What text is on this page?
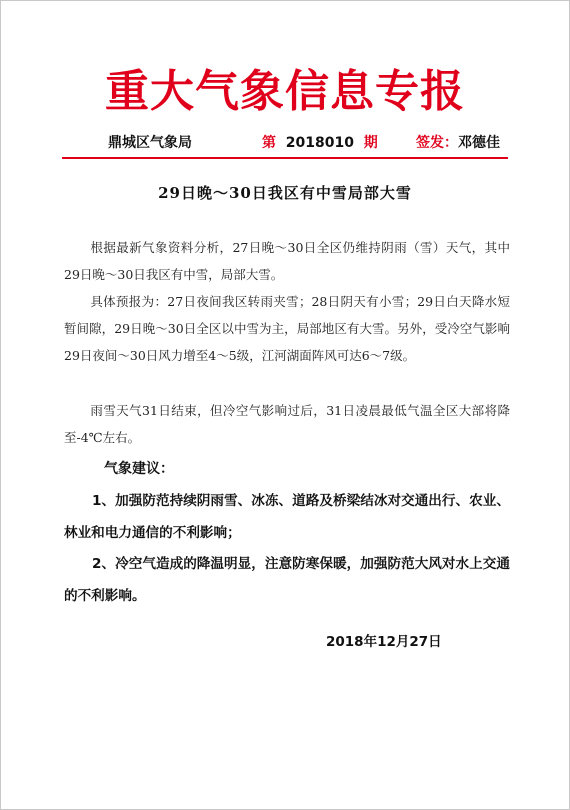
重大气象信息专报
鼎城区气象局	第 2018010 期	签发：邓德佳
29日晚～30日我区有中雪局部大雪
根据最新气象资料分析，27日晚～30日全区仍维持阴雨（雪）天气，其中29日晚～30日我区有中雪，局部大雪。
具体预报为：27日夜间我区转雨夹雪；28日阴天有小雪；29日白天降水短暂间隙，29日晚～30日全区以中雪为主，局部地区有大雪。另外，受冷空气影响29日夜间～30日风力增至4～5级，江河湖面阵风可达6～7级。
雨雪天气31日结束，但冷空气影响过后，31日凌晨最低气温全区大部将降至-4℃左右。
气象建议：
1、加强防范持续阴雨雪、冰冻、道路及桥梁结冰对交通出行、农业、林业和电力通信的不利影响；
2、冷空气造成的降温明显，注意防寒保暖，加强防范大风对水上交通的不利影响。
2018年12月27日
